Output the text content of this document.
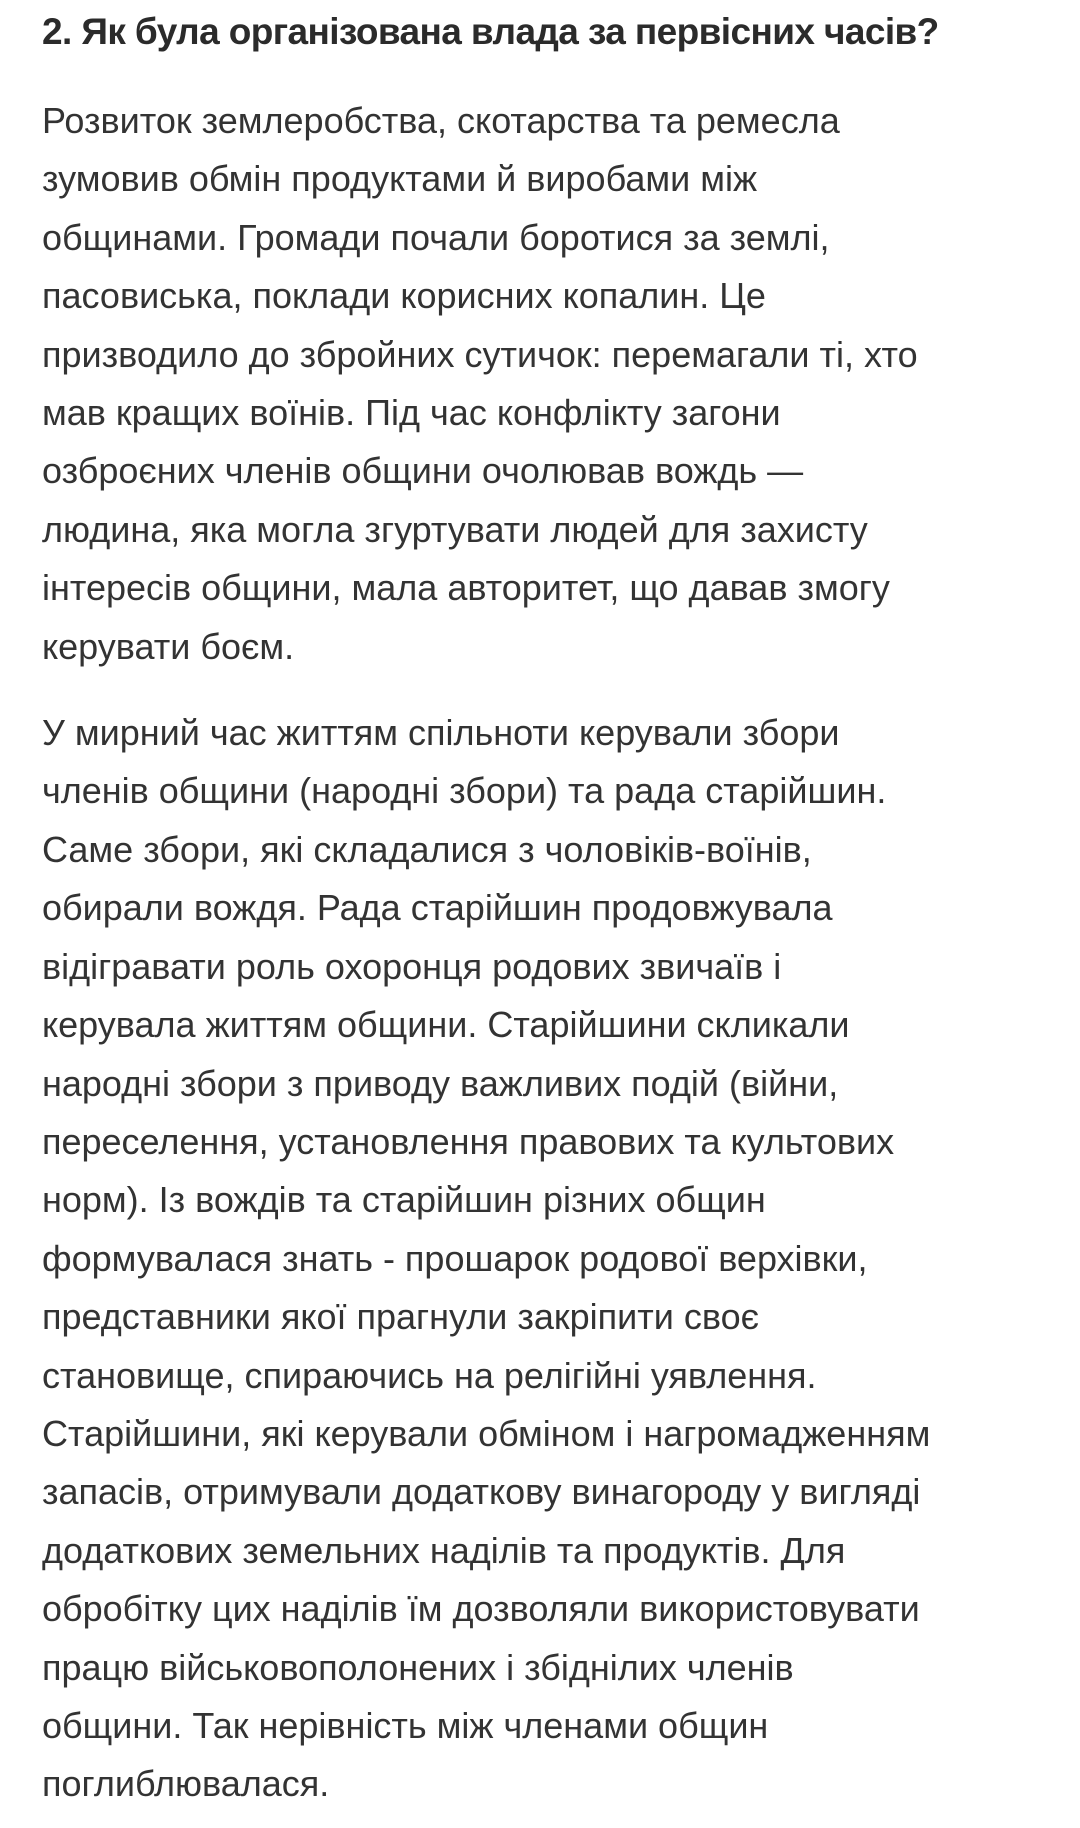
2. Як була організована влада за первісних часів?

Розвиток землеробства, скотарства та ремесла
зумовив обмін продуктами й виробами між
общинами. Громади почали боротися за землі,
пасовиська, поклади корисних копалин. Це
призводило до збройних сутичок: перемагали ті, хто
мав кращих воїнів. Під час конфлікту загони
озброєних членів общини очолював вождь —
людина, яка могла згуртувати людей для захисту
інтересів общини, мала авторитет, що давав змогу
керувати боєм.

У мирний час життям спільноти керували збори
членів общини (народні збори) та рада старійшин.
Саме збори, які складалися з чоловіків-воїнів,
обирали вождя. Рада старійшин продовжувала
відігравати роль охоронця родових звичаїв і
керувала життям общини. Старійшини скликали
народні збори з приводу важливих подій (війни,
переселення, установлення правових та культових
норм). Із вождів та старійшин різних общин
формувалася знать - прошарок родової верхівки,
представники якої прагнули закріпити своє
становище, спираючись на релігійні уявлення.
Старійшини, які керували обміном і нагромадженням
запасів, отримували додаткову винагороду у вигляді
додаткових земельних наділів та продуктів. Для
обробітку цих наділів їм дозволяли використовувати
працю військовополонених і збіднілих членів
общини. Так нерівність між членами общин
поглиблювалася.
